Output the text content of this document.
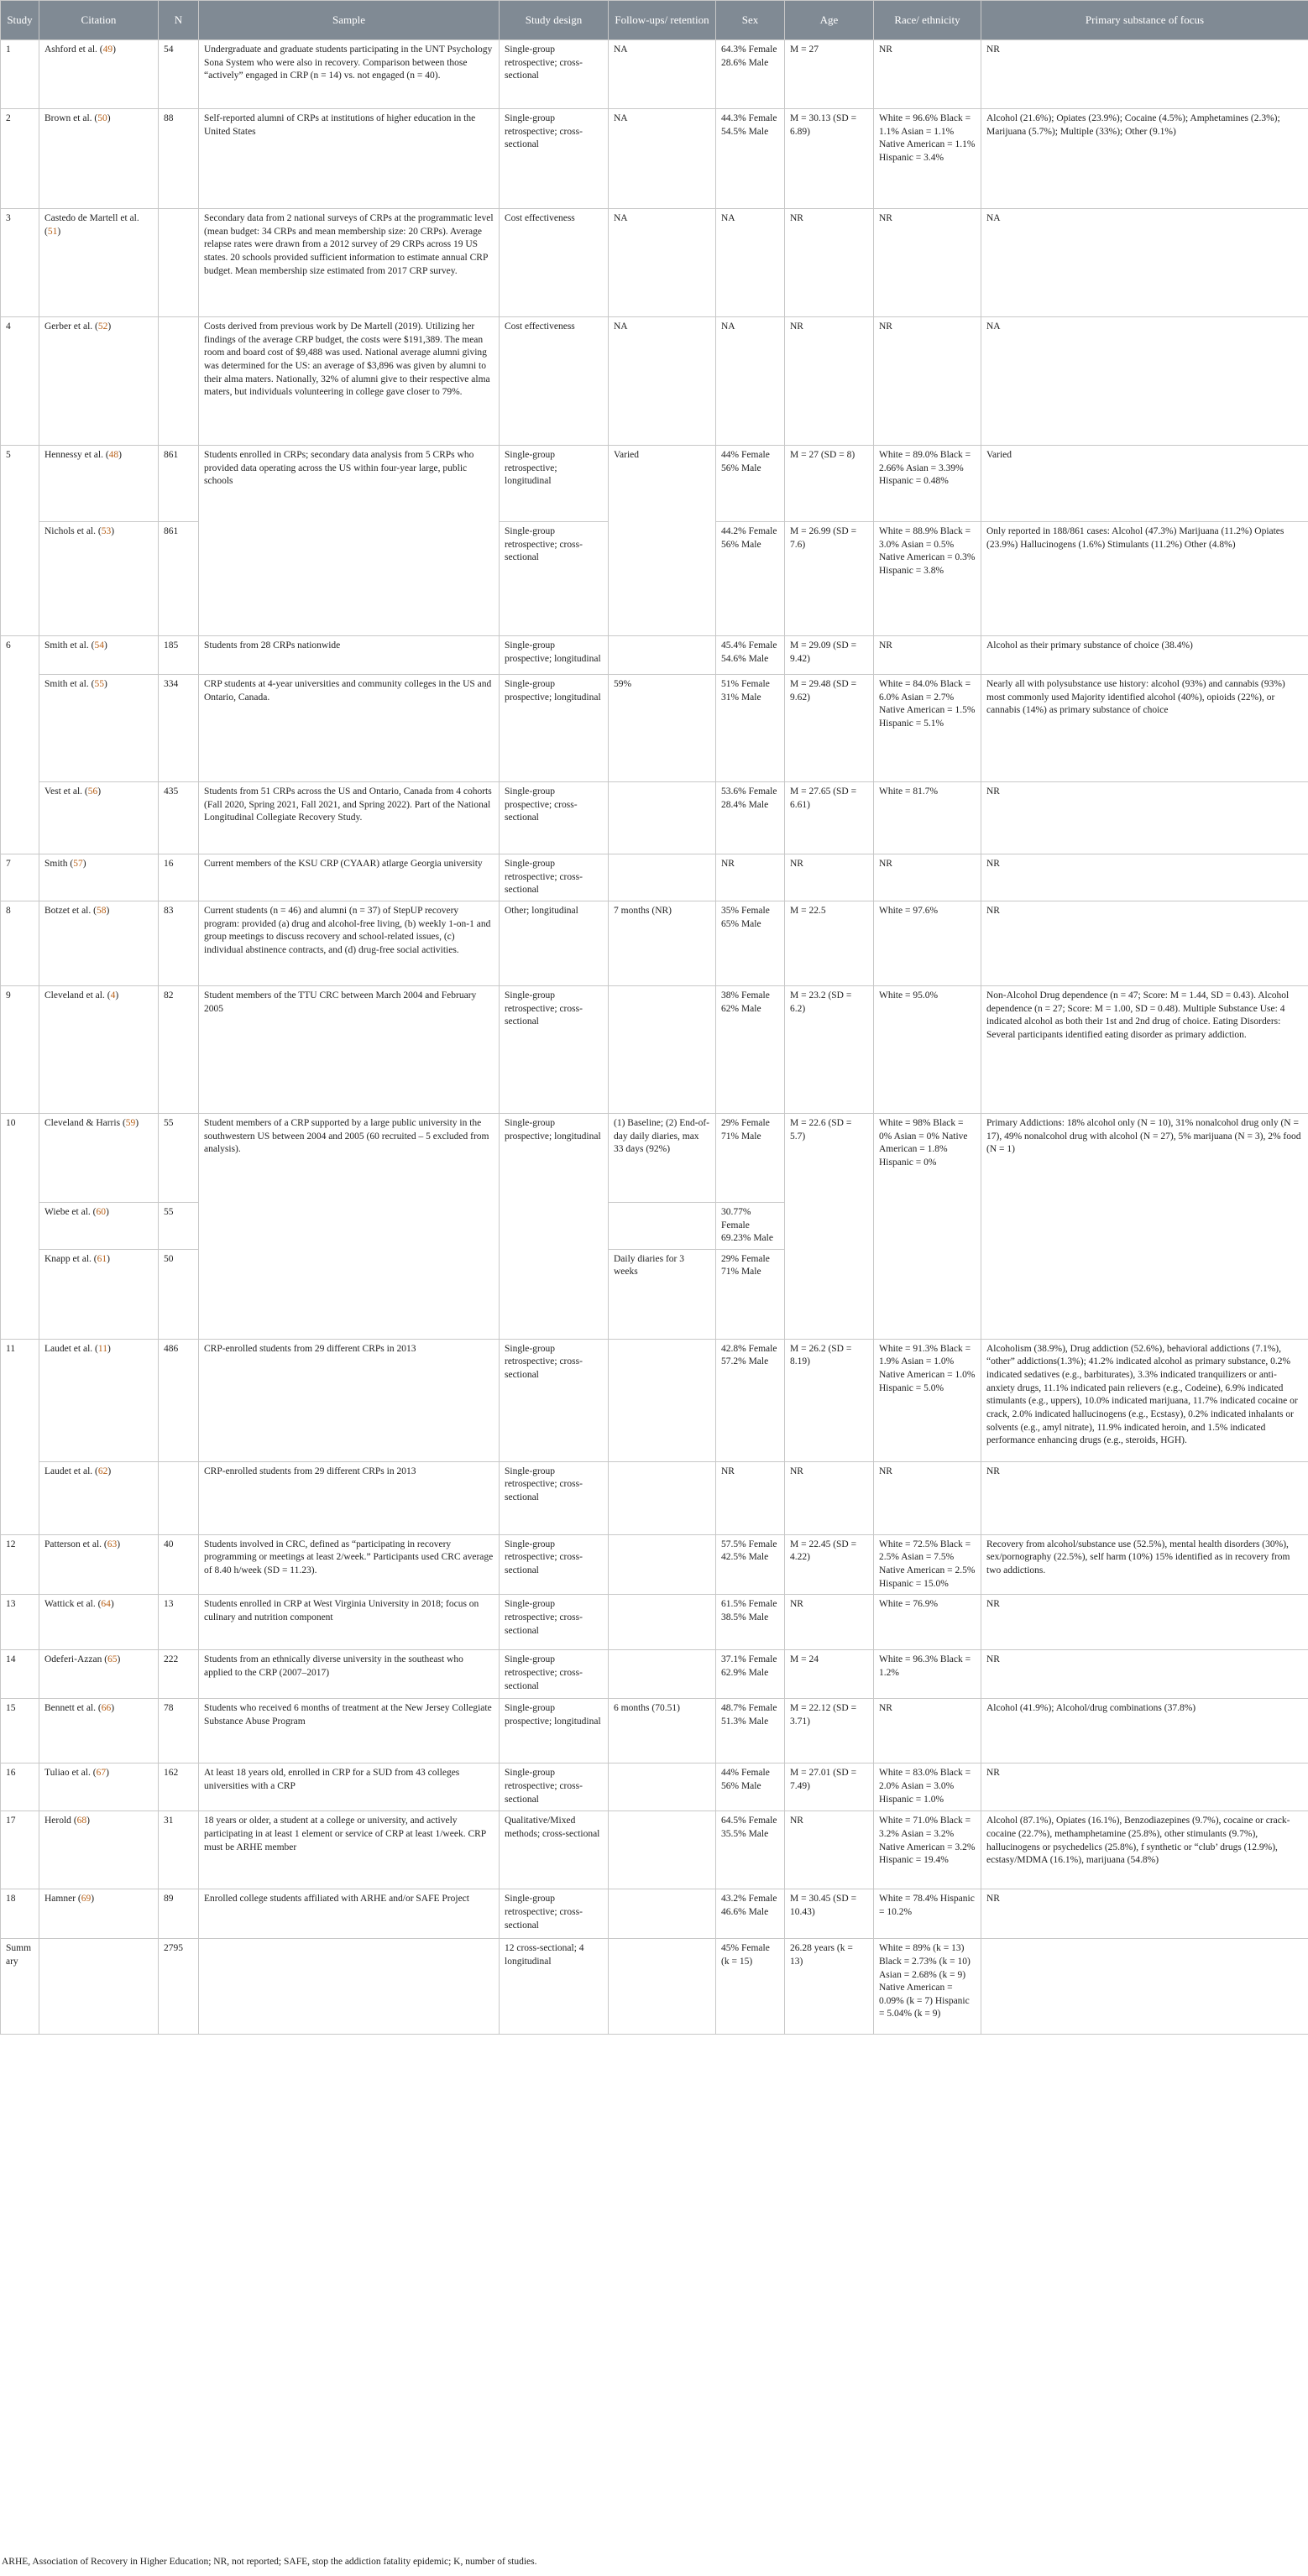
Study	Citation	N	Sample	Study design	Follow-ups/ retention	Sex	Age	Race/ ethnicity	Primary substance of focus
1	Ashford et al. (49)	54	Undergraduate and graduate students participating in the UNT Psychology Sona System who were also in recovery. Comparison between those “actively” engaged in CRP (n = 14) vs. not engaged (n = 40).	Single-group retrospective; cross-sectional	NA	64.3% Female 28.6% Male	M = 27	NR	NR
2	Brown et al. (50)	88	Self-reported alumni of CRPs at institutions of higher education in the United States	Single-group retrospective; cross-sectional	NA	44.3% Female 54.5% Male	M = 30.13 (SD = 6.89)	White = 96.6% Black = 1.1% Asian = 1.1% Native American = 1.1% Hispanic = 3.4%	Alcohol (21.6%); Opiates (23.9%); Cocaine (4.5%); Amphetamines (2.3%); Marijuana (5.7%); Multiple (33%); Other (9.1%)
3	Castedo de Martell et al. (51)		Secondary data from 2 national surveys of CRPs at the programmatic level (mean budget: 34 CRPs and mean membership size: 20 CRPs). Average relapse rates were drawn from a 2012 survey of 29 CRPs across 19 US states. 20 schools provided sufficient information to estimate annual CRP budget. Mean membership size estimated from 2017 CRP survey.	Cost effectiveness	NA	NA	NR	NR	NA
4	Gerber et al. (52)		Costs derived from previous work by De Martell (2019). Utilizing her findings of the average CRP budget, the costs were $191,389. The mean room and board cost of $9,488 was used. National average alumni giving was determined for the US: an average of $3,896 was given by alumni to their alma maters. Nationally, 32% of alumni give to their respective alma maters, but individuals volunteering in college gave closer to 79%.	Cost effectiveness	NA	NA	NR	NR	NA
5	Hennessy et al. (48)	861	Students enrolled in CRPs; secondary data analysis from 5 CRPs who provided data operating across the US within four-year large, public schools	Single-group retrospective; longitudinal	Varied	44% Female 56% Male	M = 27 (SD = 8)	White = 89.0% Black = 2.66% Asian = 3.39% Hispanic = 0.48%	Varied
	Nichols et al. (53)	861		Single-group retrospective; cross-sectional		44.2% Female 56% Male	M = 26.99 (SD = 7.6)	White = 88.9% Black = 3.0% Asian = 0.5% Native American = 0.3% Hispanic = 3.8%	Only reported in 188/861 cases: Alcohol (47.3%) Marijuana (11.2%) Opiates (23.9%) Hallucinogens (1.6%) Stimulants (11.2%) Other (4.8%)
6	Smith et al. (54)	185	Students from 28 CRPs nationwide	Single-group prospective; longitudinal		45.4% Female 54.6% Male	M = 29.09 (SD = 9.42)	NR	Alcohol as their primary substance of choice (38.4%)
	Smith et al. (55)	334	CRP students at 4-year universities and community colleges in the US and Ontario, Canada.	Single-group prospective; longitudinal	59%	51% Female 31% Male	M = 29.48 (SD = 9.62)	White = 84.0% Black = 6.0% Asian = 2.7% Native American = 1.5% Hispanic = 5.1%	Nearly all with polysubstance use history: alcohol (93%) and cannabis (93%) most commonly used Majority identified alcohol (40%), opioids (22%), or cannabis (14%) as primary substance of choice
	Vest et al. (56)	435	Students from 51 CRPs across the US and Ontario, Canada from 4 cohorts (Fall 2020, Spring 2021, Fall 2021, and Spring 2022). Part of the National Longitudinal Collegiate Recovery Study.	Single-group prospective; cross-sectional		53.6% Female 28.4% Male	M = 27.65 (SD = 6.61)	White = 81.7%	NR
7	Smith (57)	16	Current members of the KSU CRP (CYAAR) atlarge Georgia university	Single-group retrospective; cross-sectional		NR	NR	NR	NR
8	Botzet et al. (58)	83	Current students (n = 46) and alumni (n = 37) of StepUP recovery program: provided (a) drug and alcohol-free living, (b) weekly 1-on-1 and group meetings to discuss recovery and school-related issues, (c) individual abstinence contracts, and (d) drug-free social activities.	Other; longitudinal	7 months (NR)	35% Female 65% Male	M = 22.5	White = 97.6%	NR
9	Cleveland et al. (4)	82	Student members of the TTU CRC between March 2004 and February 2005	Single-group retrospective; cross-sectional		38% Female 62% Male	M = 23.2 (SD = 6.2)	White = 95.0%	Non-Alcohol Drug dependence (n = 47; Score: M = 1.44, SD = 0.43). Alcohol dependence (n = 27; Score: M = 1.00, SD = 0.48). Multiple Substance Use: 4 indicated alcohol as both their 1st and 2nd drug of choice. Eating Disorders: Several participants identified eating disorder as primary addiction.
10	Cleveland & Harris (59)	55	Student members of a CRP supported by a large public university in the southwestern US between 2004 and 2005 (60 recruited – 5 excluded from analysis).	Single-group prospective; longitudinal	(1) Baseline; (2) End-of-day daily diaries, max 33 days (92%)	29% Female 71% Male	M = 22.6 (SD = 5.7)	White = 98% Black = 0% Asian = 0% Native American = 1.8% Hispanic = 0%	Primary Addictions: 18% alcohol only (N = 10), 31% nonalcohol drug only (N = 17), 49% nonalcohol drug with alcohol (N = 27), 5% marijuana (N = 3), 2% food (N = 1)
	Wiebe et al. (60)	55				30.77% Female 69.23% Male			
	Knapp et al. (61)	50			Daily diaries for 3 weeks	29% Female 71% Male			
11	Laudet et al. (11)	486	CRP-enrolled students from 29 different CRPs in 2013	Single-group retrospective; cross-sectional		42.8% Female 57.2% Male	M = 26.2 (SD = 8.19)	White = 91.3% Black = 1.9% Asian = 1.0% Native American = 1.0% Hispanic = 5.0%	Alcoholism (38.9%), Drug addiction (52.6%), behavioral addictions (7.1%), “other” addictions(1.3%); 41.2% indicated alcohol as primary substance, 0.2% indicated sedatives (e.g., barbiturates), 3.3% indicated tranquilizers or anti-anxiety drugs, 11.1% indicated pain relievers (e.g., Codeine), 6.9% indicated stimulants (e.g., uppers), 10.0% indicated marijuana, 11.7% indicated cocaine or crack, 2.0% indicated hallucinogens (e.g., Ecstasy), 0.2% indicated inhalants or solvents (e.g., amyl nitrate), 11.9% indicated heroin, and 1.5% indicated performance enhancing drugs (e.g., steroids, HGH).
	Laudet et al. (62)		CRP-enrolled students from 29 different CRPs in 2013	Single-group retrospective; cross-sectional		NR	NR	NR	NR
12	Patterson et al. (63)	40	Students involved in CRC, defined as “participating in recovery programming or meetings at least 2/week.” Participants used CRC average of 8.40 h/week (SD = 11.23).	Single-group retrospective; cross-sectional		57.5% Female 42.5% Male	M = 22.45 (SD = 4.22)	White = 72.5% Black = 2.5% Asian = 7.5% Native American = 2.5% Hispanic = 15.0%	Recovery from alcohol/substance use (52.5%), mental health disorders (30%), sex/pornography (22.5%), self harm (10%) 15% identified as in recovery from two addictions.
13	Wattick et al. (64)	13	Students enrolled in CRP at West Virginia University in 2018; focus on culinary and nutrition component	Single-group retrospective; cross-sectional		61.5% Female 38.5% Male	NR	White = 76.9%	NR
14	Odeferi-Azzan (65)	222	Students from an ethnically diverse university in the southeast who applied to the CRP (2007–2017)	Single-group retrospective; cross-sectional		37.1% Female 62.9% Male	M = 24	White = 96.3% Black = 1.2%	NR
15	Bennett et al. (66)	78	Students who received 6 months of treatment at the New Jersey Collegiate Substance Abuse Program	Single-group prospective; longitudinal	6 months (70.51)	48.7% Female 51.3% Male	M = 22.12 (SD = 3.71)	NR	Alcohol (41.9%); Alcohol/drug combinations (37.8%)
16	Tuliao et al. (67)	162	At least 18 years old, enrolled in CRP for a SUD from 43 colleges universities with a CRP	Single-group retrospective; cross-sectional		44% Female 56% Male	M = 27.01 (SD = 7.49)	White = 83.0% Black = 2.0% Asian = 3.0% Hispanic = 1.0%	NR
17	Herold (68)	31	18 years or older, a student at a college or university, and actively participating in at least 1 element or service of CRP at least 1/week. CRP must be ARHE member	Qualitative/Mixed methods; cross-sectional		64.5% Female 35.5% Male	NR	White = 71.0% Black = 3.2% Asian = 3.2% Native American = 3.2% Hispanic = 19.4%	Alcohol (87.1%), Opiates (16.1%), Benzodiazepines (9.7%), cocaine or crack-cocaine (22.7%), methamphetamine (25.8%), other stimulants (9.7%), hallucinogens or psychedelics (25.8%), f synthetic or “club’ drugs (12.9%), ecstasy/MDMA (16.1%), marijuana (54.8%)
18	Hamner (69)	89	Enrolled college students affiliated with ARHE and/or SAFE Project	Single-group retrospective; cross-sectional		43.2% Female 46.6% Male	M = 30.45 (SD = 10.43)	White = 78.4% Hispanic = 10.2%	NR
Summary		2795		12 cross-sectional; 4 longitudinal		45% Female (k = 15)	26.28 years (k = 13)	White = 89% (k = 13) Black = 2.73% (k = 10) Asian = 2.68% (k = 9) Native American = 0.09% (k = 7) Hispanic = 5.04% (k = 9)	
ARHE, Association of Recovery in Higher Education; NR, not reported; SAFE, stop the addiction fatality epidemic; K, number of studies.
